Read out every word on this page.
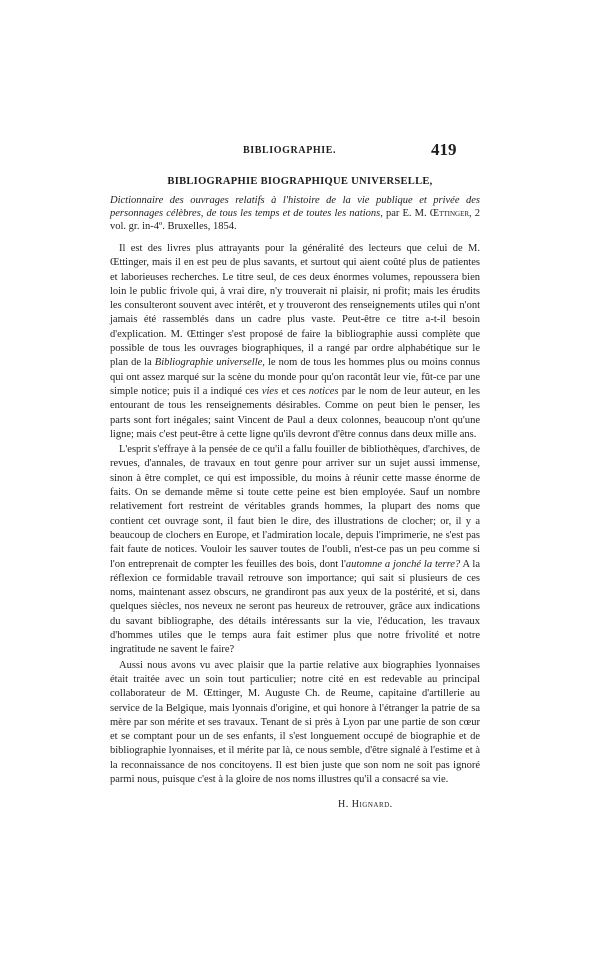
BIBLIOGRAPHIE.	419
BIBLIOGRAPHIE BIOGRAPHIQUE UNIVERSELLE,
Dictionnaire des ouvrages relatifs à l'histoire de la vie publique et privée des personnages célèbres, de tous les temps et de toutes les nations, par E. M. Œttinger, 2 vol. gr. in-4º. Bruxelles, 1854.

Il est des livres plus attrayants pour la généralité des lecteurs que celui de M. Œttinger, mais il en est peu de plus savants, et surtout qui aient coûté plus de patientes et laborieuses recherches. Le titre seul, de ces deux énormes volumes, repoussera bien loin le public frivole qui, à vrai dire, n'y trouverait ni plaisir, ni profit; mais les érudits les consulteront souvent avec intérêt, et y trouveront des renseignements utiles qui n'ont jamais été rassemblés dans un cadre plus vaste. Peut-être ce titre a-t-il besoin d'explication. M. Œttinger s'est proposé de faire la bibliographie aussi complète que possible de tous les ouvrages biographiques, il a rangé par ordre alphabétique sur le plan de la Bibliographie universelle, le nom de tous les hommes plus ou moins connus qui ont assez marqué sur la scène du monde pour qu'on racontât leur vie, fût-ce par une simple notice; puis il a indiqué ces vies et ces notices par le nom de leur auteur, en les entourant de tous les renseignements désirables. Comme on peut bien le penser, les parts sont fort inégales; saint Vincent de Paul a deux colonnes, beaucoup n'ont qu'une ligne; mais c'est peut-être à cette ligne qu'ils devront d'être connus dans deux mille ans.

L'esprit s'effraye à la pensée de ce qu'il a fallu fouiller de bibliothèques, d'archives, de revues, d'annales, de travaux en tout genre pour arriver sur un sujet aussi immense, sinon à être complet, ce qui est impossible, du moins à réunir cette masse énorme de faits. On se demande même si toute cette peine est bien employée. Sauf un nombre relativement fort restreint de véritables grands hommes, la plupart des noms que contient cet ouvrage sont, il faut bien le dire, des illustrations de clocher; or, il y a beaucoup de clochers en Europe, et l'admiration locale, depuis l'imprimerie, ne s'est pas fait faute de notices. Vouloir les sauver toutes de l'oubli, n'est-ce pas un peu comme si l'on entreprenait de compter les feuilles des bois, dont l'automne a jonché la terre? A la réflexion ce formidable travail retrouve son importance; qui sait si plusieurs de ces noms, maintenant assez obscurs, ne grandiront pas aux yeux de la postérité, et si, dans quelques siècles, nos neveux ne seront pas heureux de retrouver, grâce aux indications du savant bibliographe, des détails intéressants sur la vie, l'éducation, les travaux d'hommes utiles que le temps aura fait estimer plus que notre frivolité et notre ingratitude ne savent le faire?

Aussi nous avons vu avec plaisir que la partie relative aux biographies lyonnaises était traitée avec un soin tout particulier; notre cité en est redevable au principal collaborateur de M. Œttinger, M. Auguste Ch. de Reume, capitaine d'artillerie au service de la Belgique, mais lyonnais d'origine, et qui honore à l'étranger la patrie de sa mère par son mérite et ses travaux. Tenant de si près à Lyon par une partie de son cœur et se comptant pour un de ses enfants, il s'est longuement occupé de biographie et de bibliographie lyonnaises, et il mérite par là, ce nous semble, d'être signalé à l'estime et à la reconnaissance de nos concitoyens. Il est bien juste que son nom ne soit pas ignoré parmi nous, puisque c'est à la gloire de nos noms illustres qu'il a consacré sa vie.

H. Hignard.
